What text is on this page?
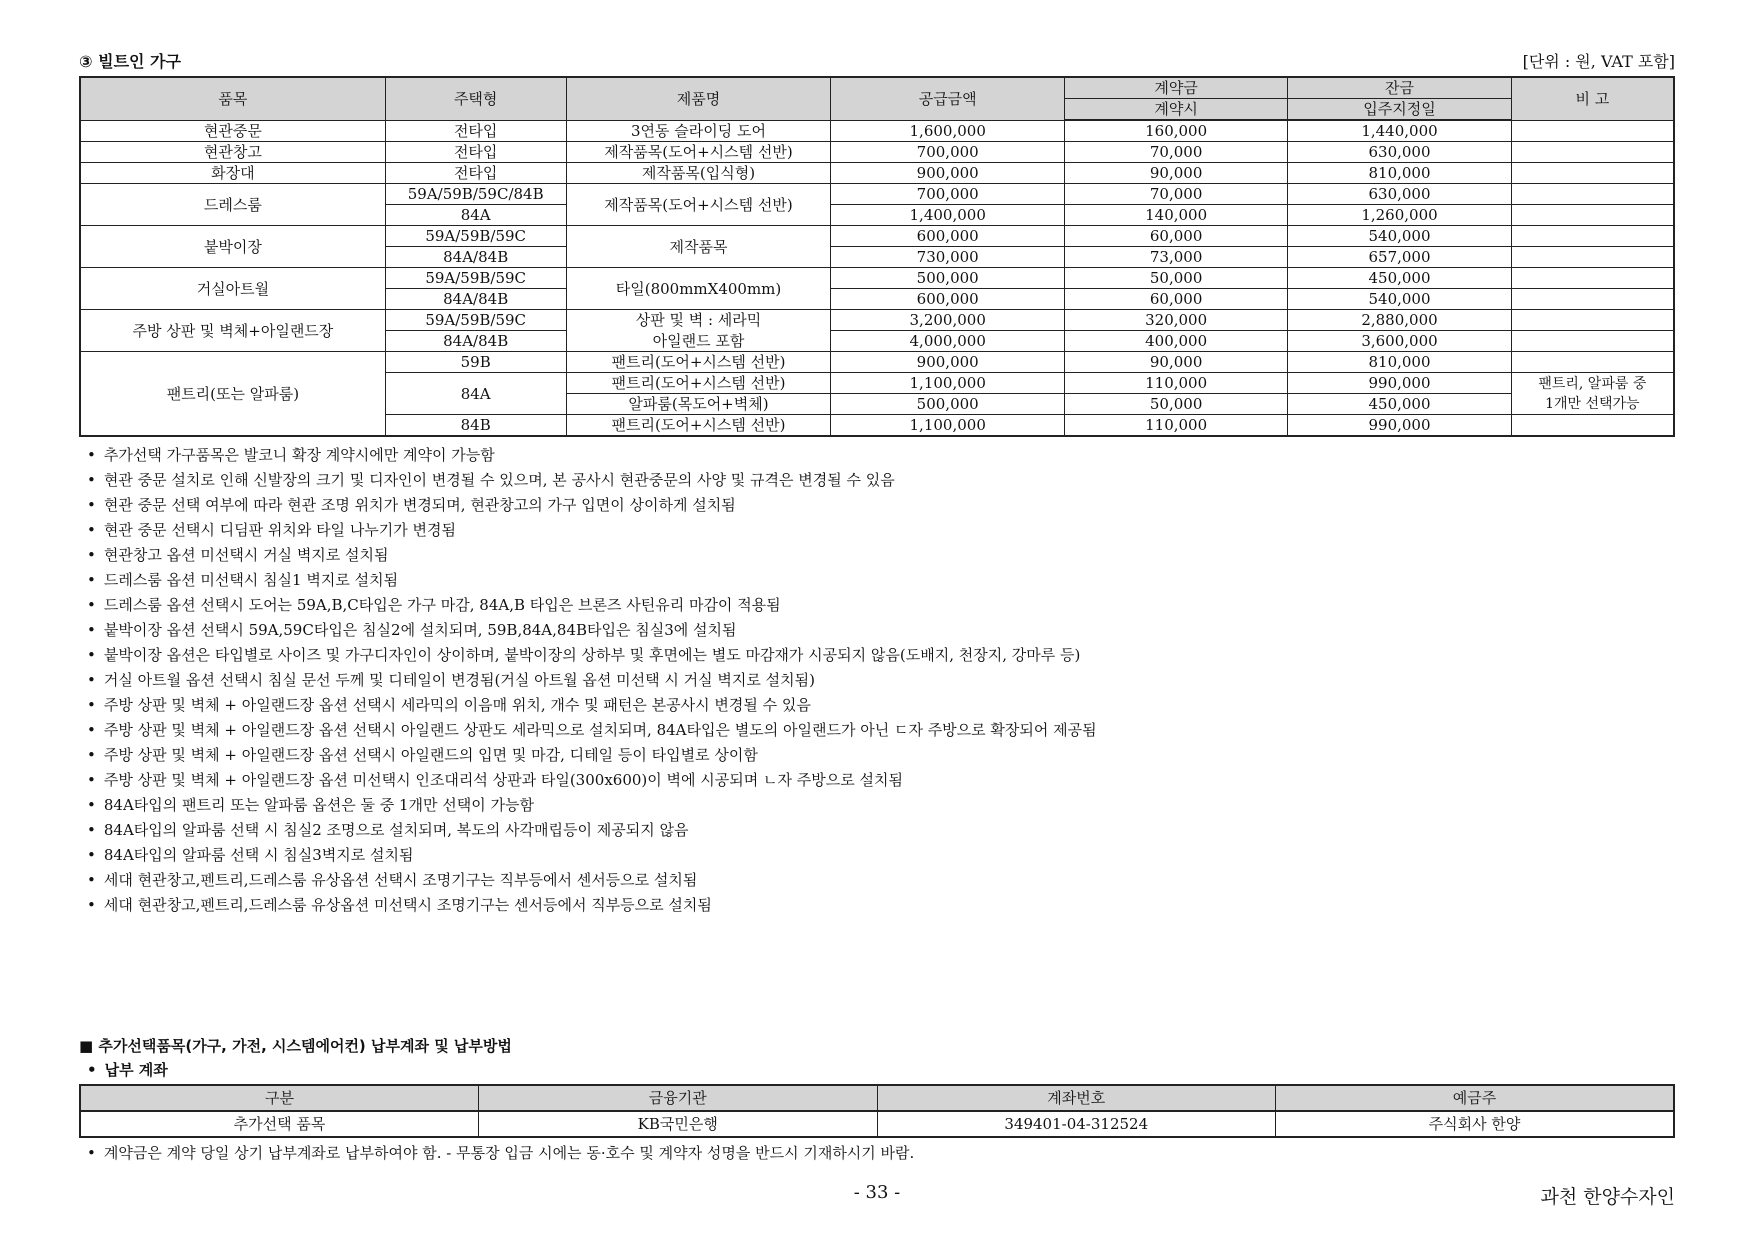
③ 빌트인 가구	[단위 : 원, VAT 포함]
품목	주택형	제품명	공급금액	계약금	잔금	비 고
				계약시	입주지정일	
현관중문	전타입	3연동 슬라이딩 도어	1,600,000	160,000	1,440,000	
현관창고	전타입	제작품목(도어+시스템 선반)	700,000	70,000	630,000	
화장대	전타입	제작품목(입식형)	900,000	90,000	810,000	
드레스룸	59A/59B/59C/84B	제작품목(도어+시스템 선반)	700,000	70,000	630,000	
	84A		1,400,000	140,000	1,260,000	
붙박이장	59A/59B/59C	제작품목	600,000	60,000	540,000	
	84A/84B		730,000	73,000	657,000	
거실아트월	59A/59B/59C	타일(800mmX400mm)	500,000	50,000	450,000	
	84A/84B		600,000	60,000	540,000	
주방 상판 및 벽체+아일랜드장	59A/59B/59C	상판 및 벽 : 세라믹	3,200,000	320,000	2,880,000	
	84A/84B	아일랜드 포함	4,000,000	400,000	3,600,000	
팬트리(또는 알파룸)	59B	팬트리(도어+시스템 선반)	900,000	90,000	810,000	
	84A	팬트리(도어+시스템 선반)	1,100,000	110,000	990,000	팬트리, 알파룸 중
1개만 선택가능
		알파룸(목도어+벽체)	500,000	50,000	450,000	
	84B	팬트리(도어+시스템 선반)	1,100,000	110,000	990,000	
• 추가선택 가구품목은 발코니 확장 계약시에만 계약이 가능함
• 현관 중문 설치로 인해 신발장의 크기 및 디자인이 변경될 수 있으며, 본 공사시 현관중문의 사양 및 규격은 변경될 수 있음
• 현관 중문 선택 여부에 따라 현관 조명 위치가 변경되며, 현관창고의 가구 입면이 상이하게 설치됨
• 현관 중문 선택시 디딤판 위치와 타일 나누기가 변경됨
• 현관창고 옵션 미선택시 거실 벽지로 설치됨
• 드레스룸 옵션 미선택시 침실1 벽지로 설치됨
• 드레스룸 옵션 선택시 도어는 59A,B,C타입은 가구 마감, 84A,B 타입은 브론즈 사틴유리 마감이 적용됨
• 붙박이장 옵션 선택시 59A,59C타입은 침실2에 설치되며, 59B,84A,84B타입은 침실3에 설치됨
• 붙박이장 옵션은 타입별로 사이즈 및 가구디자인이 상이하며, 붙박이장의 상하부 및 후면에는 별도 마감재가 시공되지 않음(도배지, 천장지, 강마루 등)
• 거실 아트월 옵션 선택시 침실 문선 두께 및 디테일이 변경됨(거실 아트월 옵션 미선택 시 거실 벽지로 설치됨)
• 주방 상판 및 벽체 + 아일랜드장 옵션 선택시 세라믹의 이음매 위치, 개수 및 패턴은 본공사시 변경될 수 있음
• 주방 상판 및 벽체 + 아일랜드장 옵션 선택시 아일랜드 상판도 세라믹으로 설치되며, 84A타입은 별도의 아일랜드가 아닌 ㄷ자 주방으로 확장되어 제공됨
• 주방 상판 및 벽체 + 아일랜드장 옵션 선택시 아일랜드의 입면 및 마감, 디테일 등이 타입별로 상이함
• 주방 상판 및 벽체 + 아일랜드장 옵션 미선택시 인조대리석 상판과 타일(300x600)이 벽에 시공되며 ㄴ자 주방으로 설치됨
• 84A타입의 팬트리 또는 알파룸 옵션은 둘 중 1개만 선택이 가능함
• 84A타입의 알파룸 선택 시 침실2 조명으로 설치되며, 복도의 사각매립등이 제공되지 않음
• 84A타입의 알파룸 선택 시 침실3벽지로 설치됨
• 세대 현관창고,펜트리,드레스룸 유상옵션 선택시 조명기구는 직부등에서 센서등으로 설치됨
• 세대 현관창고,펜트리,드레스룸 유상옵션 미선택시 조명기구는 센서등에서 직부등으로 설치됨
■ 추가선택품목(가구, 가전, 시스템에어컨) 납부계좌 및 납부방법
• 납부 계좌
구분	금융기관	계좌번호	예금주
추가선택 품목	KB국민은행	349401-04-312524	주식회사 한양
• 계약금은 계약 당일 상기 납부계좌로 납부하여야 함. - 무통장 입금 시에는 동·호수 및 계약자 성명을 반드시 기재하시기 바람.
- 33 -	과천 한양수자인
